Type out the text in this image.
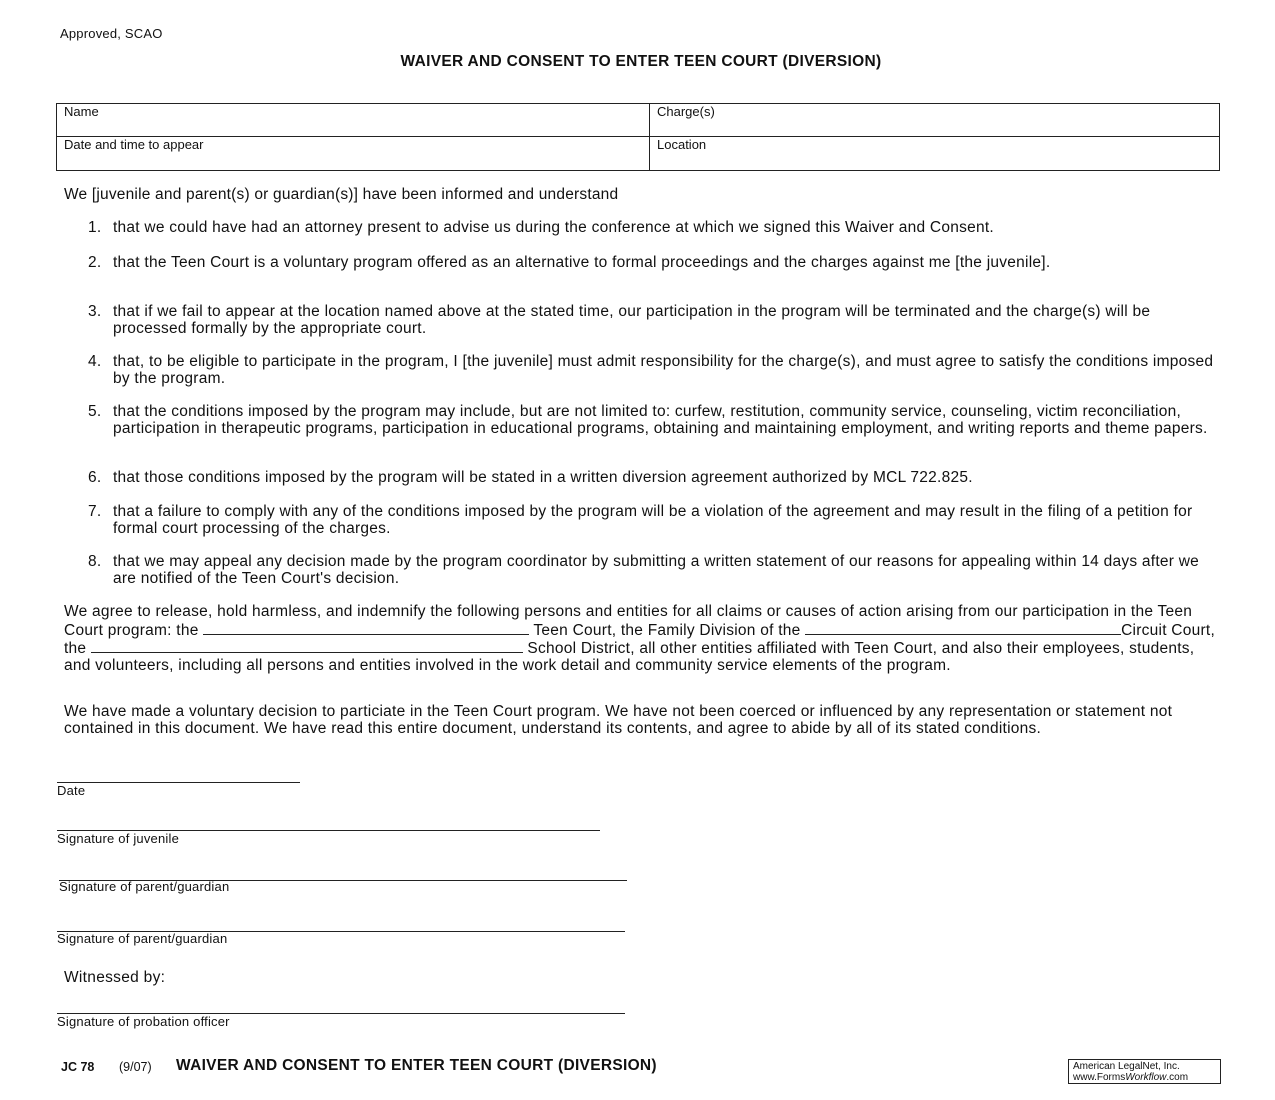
Approved, SCAO
WAIVER AND CONSENT TO ENTER TEEN COURT (DIVERSION)
Name	Charge(s)
Date and time to appear	Location
We [juvenile and parent(s) or guardian(s)] have been informed and understand
1. that we could have had an attorney present to advise us during the conference at which we signed this Waiver and Consent.
2. that the Teen Court is a voluntary program offered as an alternative to formal proceedings and the charges against me [the juvenile].
3. that if we fail to appear at the location named above at the stated time, our participation in the program will be terminated and the charge(s) will be processed formally by the appropriate court.
4. that, to be eligible to participate in the program, I [the juvenile] must admit responsibility for the charge(s), and must agree to satisfy the conditions imposed by the program.
5. that the conditions imposed by the program may include, but are not limited to: curfew, restitution, community service, counseling, victim reconciliation, participation in therapeutic programs, participation in educational programs, obtaining and maintaining employment, and writing reports and theme papers.
6. that those conditions imposed by the program will be stated in a written diversion agreement authorized by MCL 722.825.
7. that a failure to comply with any of the conditions imposed by the program will be a violation of the agreement and may result in the filing of a petition for formal court processing of the charges.
8. that we may appeal any decision made by the program coordinator by submitting a written statement of our reasons for appealing within 14 days after we are notified of the Teen Court's decision.
We agree to release, hold harmless, and indemnify the following persons and entities for all claims or causes of action arising from our participation in the Teen Court program: the	Teen Court, the Family Division of the	Circuit Court, the	School District, all other entities affiliated with Teen Court, and also their employees, students, and volunteers, including all persons and entities involved in the work detail and community service elements of the program.
We have made a voluntary decision to particiate in the Teen Court program. We have not been coerced or influenced by any representation or statement not contained in this document. We have read this entire document, understand its contents, and agree to abide by all of its stated conditions.
Date
Signature of juvenile
Signature of parent/guardian
Signature of parent/guardian
Witnessed by:
Signature of probation officer
JC 78 (9/07) WAIVER AND CONSENT TO ENTER TEEN COURT (DIVERSION)	American LegalNet, Inc.
www.FormsWorkflow.com
